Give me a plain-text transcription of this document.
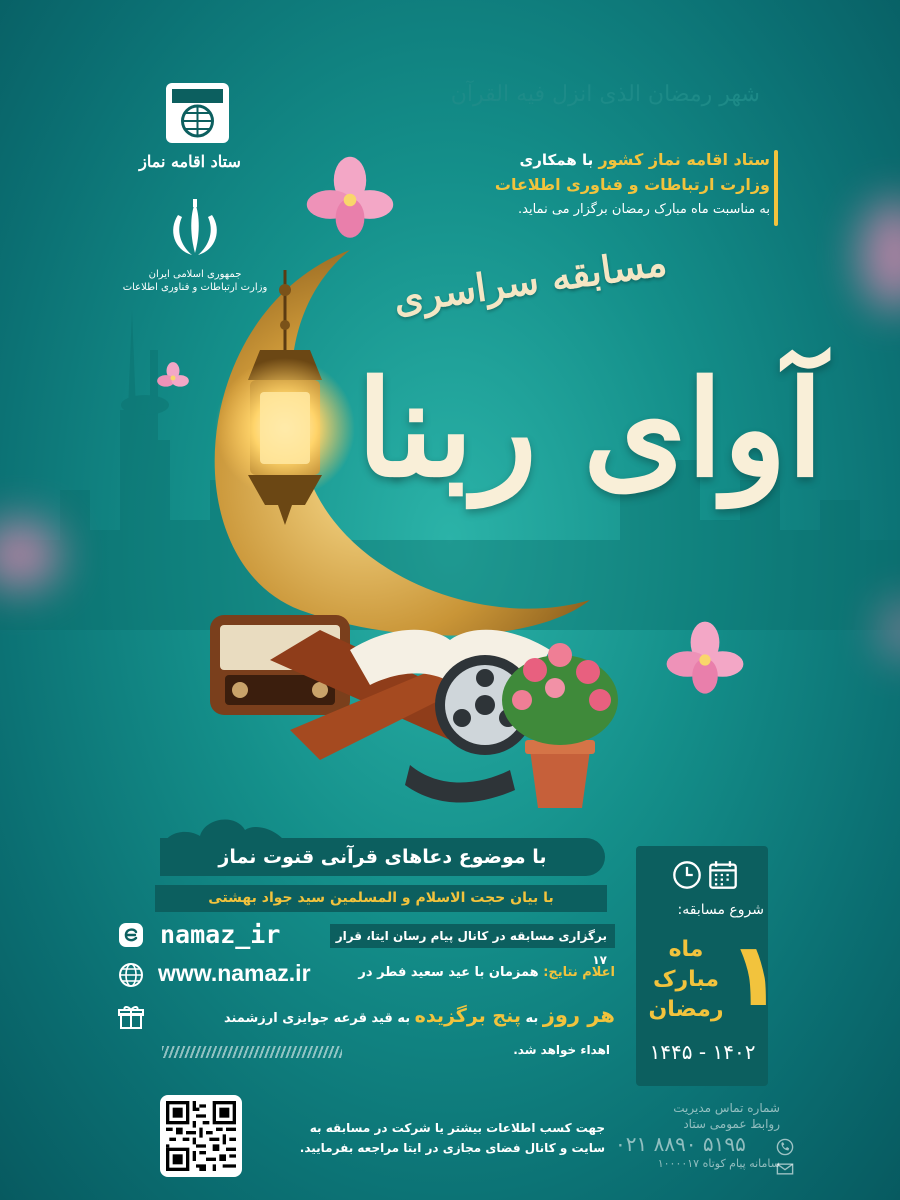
شهر رمضان الذی انزل فیه القرآن
ستاد اقامه نماز
جمهوری اسلامی ایران
وزارت ارتباطات و فناوری اطلاعات
ستاد اقامه نماز کشور با همکاری
وزارت ارتباطات و فناوری اطلاعات
به مناسبت ماه مبارک رمضان برگزار می نماید.
مسابقه سراسری
آوای ربنا
با موضوع دعاهای قرآنی قنوت نماز
با بیان حجت الاسلام و المسلمین سید جواد بهشتی
برگزاری مسابقه در کانال پیام رسان ایتا، قرار ۱۷
namaz_ir
اعلام نتایج: همزمان با عید سعید فطر در
www.namaz.ir
هر روز به پنج برگزیده به قید قرعه جوایزی ارزشمند
اهداء خواهد شد.
شروع مسابقه:
۱
ماه
مبارک
رمضان
۱۴۰۲ - ۱۴۴۵
جهت کسب اطلاعات بیشتر یا شرکت در مسابقه به
سایت و کانال فضای مجازی در ایتا مراجعه بفرمایید.
شماره تماس مدیریت
روابط عمومی ستاد
۰۲۱ ۸۸۹۰ ۵۱۹۵
سامانه پیام کوتاه ۱۰۰۰۰۱۷
